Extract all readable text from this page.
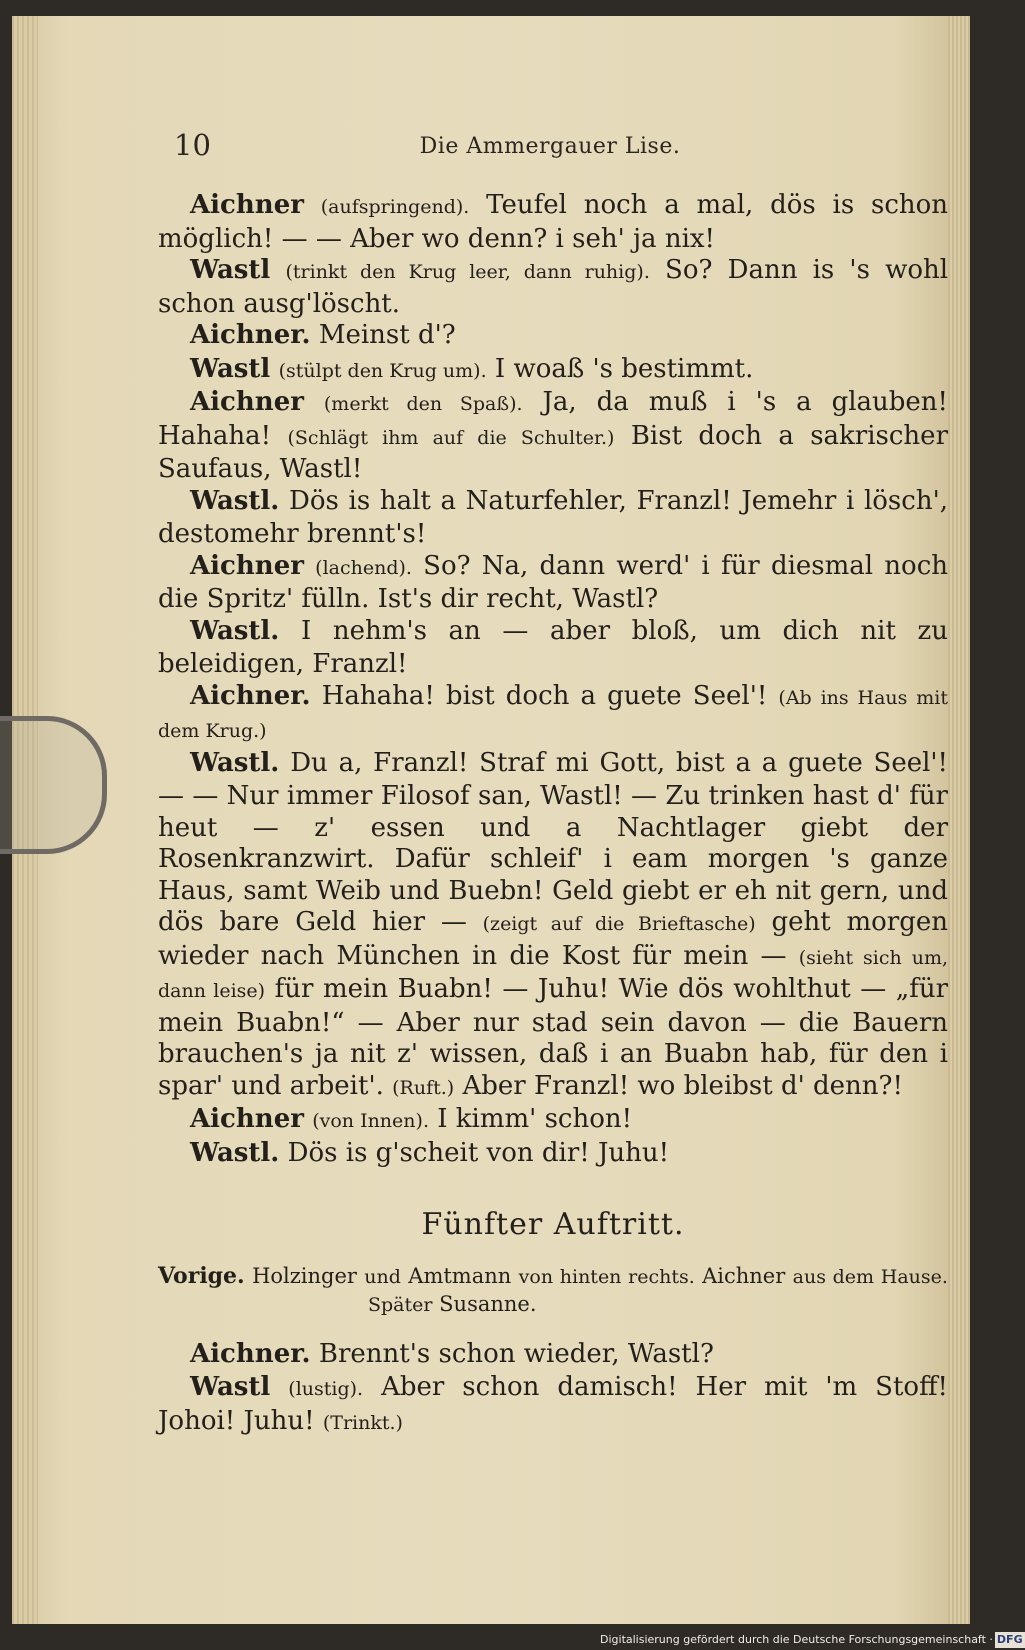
10	Die Ammergauer Lise.

Aichner (aufspringend). Teufel noch a mal, dös is schon möglich! — — Aber wo denn? i seh' ja nix!

Wastl (trinkt den Krug leer, dann ruhig). So? Dann is 's wohl schon ausg'löscht.

Aichner. Meinst d'?

Wastl (stülpt den Krug um). I woaß 's bestimmt.

Aichner (merkt den Spaß). Ja, da muß i 's a glauben! Hahaha! (Schlägt ihm auf die Schulter.) Bist doch a sakrischer Saufaus, Wastl!

Wastl. Dös is halt a Naturfehler, Franzl! Jemehr i lösch', destomehr brennt's!

Aichner (lachend). So? Na, dann werd' i für diesmal noch die Spritz' fülln. Ist's dir recht, Wastl?

Wastl. I nehm's an — aber bloß, um dich nit zu beleidigen, Franzl!

Aichner. Hahaha! bist doch a guete Seel'! (Ab ins Haus mit dem Krug.)

Wastl. Du a, Franzl! Straf mi Gott, bist a a guete Seel'! — — Nur immer Filosof san, Wastl! — Zu trinken hast d' für heut — z' essen und a Nachtlager giebt der Rosenkranzwirt. Dafür schleif' i eam morgen 's ganze Haus, samt Weib und Buebn! Geld giebt er eh nit gern, und dös bare Geld hier — (zeigt auf die Brieftasche) geht morgen wieder nach München in die Kost für mein — (sieht sich um, dann leise) für mein Buabn! — Juhu! Wie dös wohlthut — „für mein Buabn!“ — Aber nur stad sein davon — die Bauern brauchen's ja nit z' wissen, daß i an Buabn hab, für den i spar' und arbeit'. (Ruft.) Aber Franzl! wo bleibst d' denn?!

Aichner (von Innen). I kimm' schon!

Wastl. Dös is g'scheit von dir! Juhu!

Fünfter Auftritt.

Vorige. Holzinger und Amtmann von hinten rechts. Aichner aus dem Hause. Später Susanne.

Aichner. Brennt's schon wieder, Wastl?

Wastl (lustig). Aber schon damisch! Her mit 'm Stoff! Johoi! Juhu! (Trinkt.)

Digitalisierung gefördert durch die Deutsche Forschungsgemeinschaft · DFG
